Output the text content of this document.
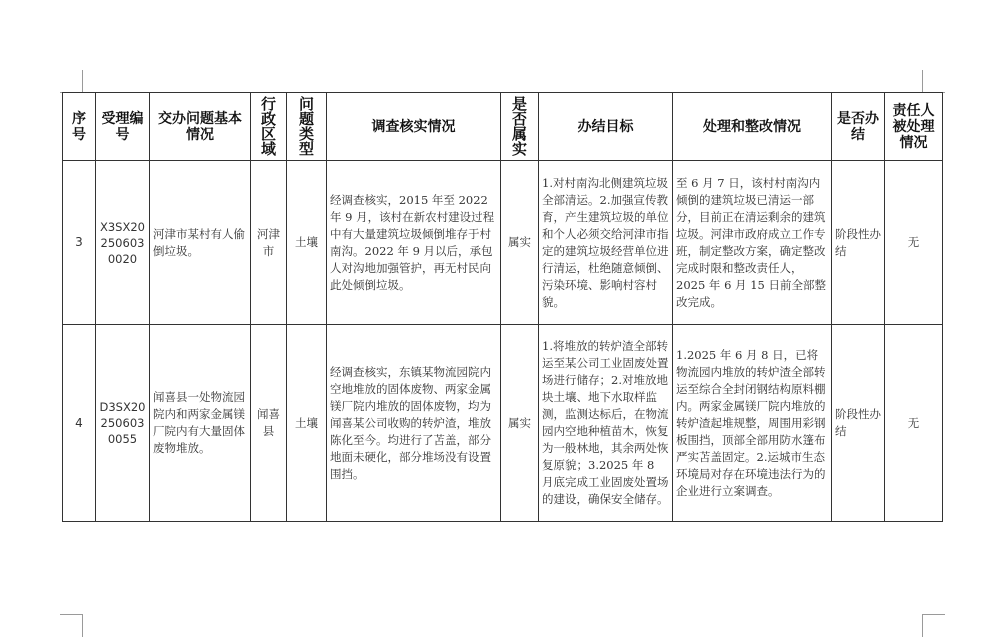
序号	受理编号	交办问题基本情况	行
政
区
域	问
题
类
型	调查核实情况	是
否
属
实	办结目标	处理和整改情况	是否办结	责任人被处理情况
3	X3SX20250603 0020	河津市某村有人偷倒垃圾。	河津市	土壤	经调查核实，2015 年至 2022 年 9 月，该村在新农村建设过程中有大量建筑垃圾倾倒堆存于村南沟。2022 年 9 月以后，承包人对沟地加强管护，再无村民向此处倾倒垃圾。	属实	1.对村南沟北侧建筑垃圾全部清运。2.加强宣传教育，产生建筑垃圾的单位和个人必须交给河津市指定的建筑垃圾经营单位进行清运，杜绝随意倾倒、污染环境、影响村容村貌。	至 6 月 7 日，该村村南沟内倾倒的建筑垃圾已清运一部分，目前正在清运剩余的建筑垃圾。河津市政府成立工作专班，制定整改方案，确定整改完成时限和整改责任人，2025 年 6 月 15 日前全部整改完成。	阶段性办结	无
4	D3SX20250603 0055	闻喜县一处物流园院内和两家金属镁厂院内有大量固体废物堆放。	闻喜县	土壤	经调查核实，东镇某物流园院内空地堆放的固体废物、两家金属镁厂院内堆放的固体废物，均为闻喜某公司收购的转炉渣，堆放陈化至今。均进行了苫盖，部分地面未硬化，部分堆场没有设置围挡。	属实	1.将堆放的转炉渣全部转运至某公司工业固废处置场进行储存；2.对堆放地块土壤、地下水取样监测，监测达标后，在物流园内空地种植苗木，恢复为一般林地，其余两处恢复原貌；3.2025 年 8 月底完成工业固废处置场的建设，确保安全储存。	1.2025 年 6 月 8 日，已将物流园内堆放的转炉渣全部转运至综合全封闭钢结构原料棚内。两家金属镁厂院内堆放的转炉渣起堆规整，周围用彩钢板围挡，顶部全部用防水篷布严实苫盖固定。2.运城市生态环境局对存在环境违法行为的企业进行立案调查。	阶段性办结	无
